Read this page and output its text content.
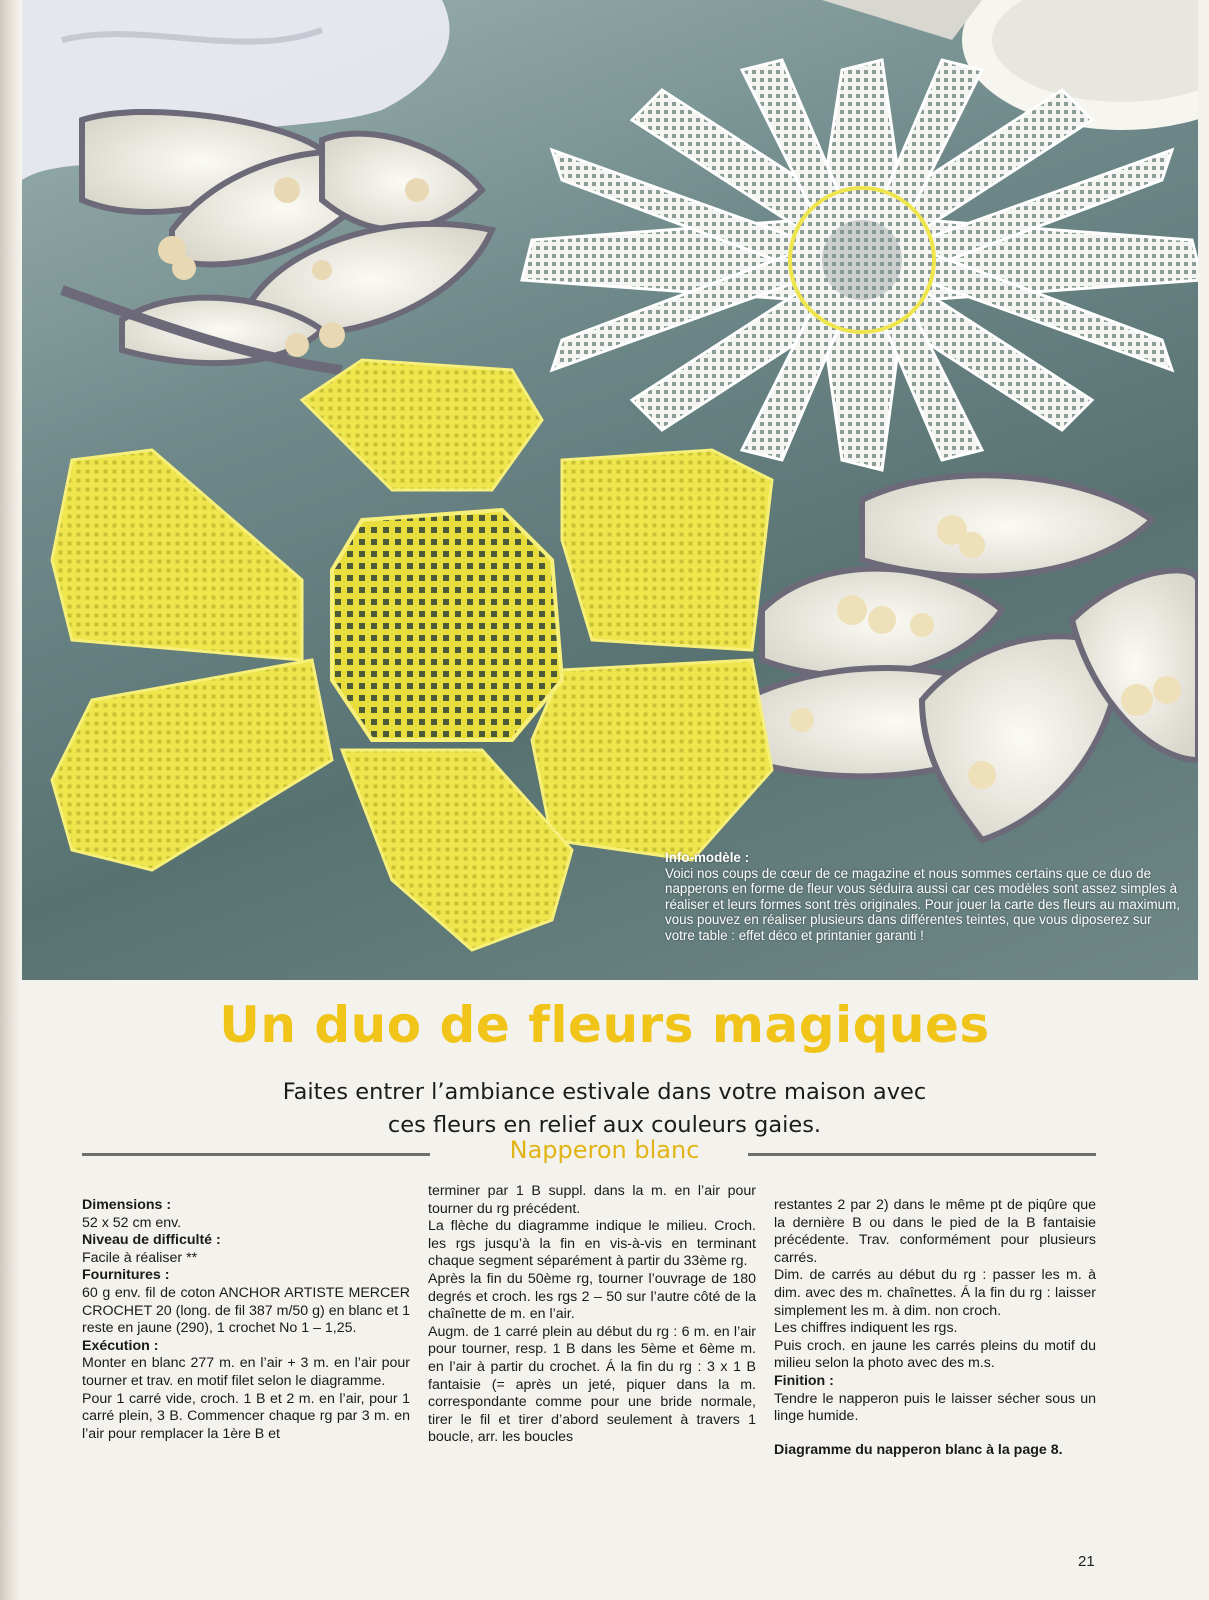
Info-modèle :
Voici nos coups de cœur de ce magazine et nous sommes certains que ce duo de napperons en forme de fleur vous séduira aussi car ces modèles sont assez simples à réaliser et leurs formes sont très originales. Pour jouer la carte des fleurs au maximum, vous pouvez en réaliser plusieurs dans différentes teintes, que vous diposerez sur votre table : effet déco et printanier garanti !
Un duo de fleurs magiques
Faites entrer l’ambiance estivale dans votre maison avec
ces fleurs en relief aux couleurs gaies.
Napperon blanc

Dimensions :

52 x 52 cm env.

Niveau de difficulté :

Facile à réaliser **

Fournitures :

60 g env. fil de coton ANCHOR ARTISTE MERCER CROCHET 20 (long. de fil 387 m/50 g) en blanc et 1 reste en jaune (290), 1 crochet No 1 – 1,25.

Exécution :

Monter en blanc 277 m. en l’air + 3 m. en l’air pour tourner et trav. en motif filet selon le diagramme.

Pour 1 carré vide, croch. 1 B et 2 m. en l’air, pour 1 carré plein, 3 B. Commencer chaque rg par 3 m. en l’air pour remplacer la 1ère B et

terminer par 1 B suppl. dans la m. en l’air pour tourner du rg précédent.

La flèche du diagramme indique le milieu. Croch. les rgs jusqu’à la fin en vis-à-vis en terminant chaque segment séparément à partir du 33ème rg.

Après la fin du 50ème rg, tourner l’ouvrage de 180 degrés et croch. les rgs 2 – 50 sur l’autre côté de la chaînette de m. en l’air.

Augm. de 1 carré plein au début du rg : 6 m. en l’air pour tourner, resp. 1 B dans les 5ème et 6ème m. en l’air à partir du crochet. Á la fin du rg : 3 x 1 B fantaisie (= après un jeté, piquer dans la m. correspondante comme pour une bride normale, tirer le fil et tirer d’abord seulement à travers 1 boucle, arr. les boucles

restantes 2 par 2) dans le même pt de piqûre que la dernière B ou dans le pied de la B fantaisie précédente. Trav. conformément pour plusieurs carrés.

Dim. de carrés au début du rg : passer les m. à dim. avec des m. chaînettes. Á la fin du rg : laisser simplement les m. à dim. non croch.

Les chiffres indiquent les rgs.

Puis croch. en jaune les carrés pleins du motif du milieu selon la photo avec des m.s.

Finition :

Tendre le napperon puis le laisser sécher sous un linge humide.

Diagramme du napperon blanc à la page 8.

21
